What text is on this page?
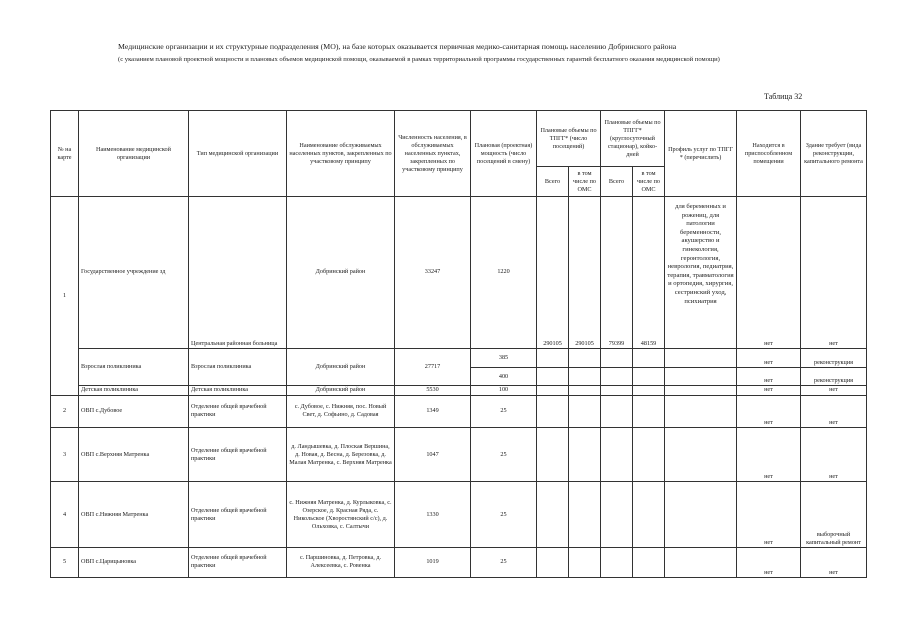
Медицинские организации и их структурные подразделения (МО), на базе которых оказывается первичная медико-санитарная помощь населению Добринского района
(с указанием плановой проектной мощности и плановых объемов медицинской помощи, оказываемой в рамках территориальной программы государственных гарантий бесплатного оказания медицинской помощи)
Таблица 32
№ на карте	Наименование медицинской организации	Тип медицинской организации	Наименование обслуживаемых населенных пунктов, закрепленных по участковому принципу	Численность населения, в обслуживаемых населенных пунктах, закрепленных по участковому принципу	Плановая (проектная) мощность (число посещений в смену)	Плановые объемы по ТПГГ* (число посещений)		Плановые объемы по ТПГГ* (круглосуточный стационар), койко-дней		Профиль услуг по ТПГГ * (перечислить)	Находится в приспособленном помещении	Здание требует (вида реконструкции, капитального ремонта
						Всего	в том числе по ОМС	Всего	в том числе по ОМС			
1	Государственное учреждение зд	Центральная районная больница	Добринский район	33247	1220	290105	290105	79399	48159	для беременных и рожениц, для патологии беременности, акушерство и гинекология, геронтология, неврология, педиатрия, терапия, травматология и ортопедия, хирургия, сестринский уход, психиатрия	нет	нет
	Взрослая поликлиника	Взрослая поликлиника	Добринский район	27717	385						нет	реконструкция
					400						нет	реконструкция
	Детская поликлиника	Детская поликлиника	Добринский район	5530	100						нет	нет
2	ОВП с.Дубовое	Отделение общей врачебной практики	с. Дубовое, с. Нижняя, пос. Новый Свет, д. Софьино, д. Садовая	1349	25						нет	нет
3	ОВП с.Верхняя Матренка	Отделение общей врачебной практики	д. Ландышевка, д. Плоская Вершина, д. Новая, д. Весна, д. Березовка, д. Малая Матренка, с. Верхняя Матренка	1047	25						нет	нет
4	ОВП с.Нижняя Матренка	Отделение общей врачебной практики	с. Нижняя Матренка, д. Курлыковка, с. Озерское, д. Красная Ряда, с. Никольское (Хворостянский с/с), д. Ольховка, с. Салтычи	1330	25						нет	выборочный капитальный ремонт
5	ОВП с.Царицыновка	Отделение общей врачебной практики	с. Паршиновка, д. Петровка, д. Алексеевка, с. Ровенка	1019	25						нет	нет
